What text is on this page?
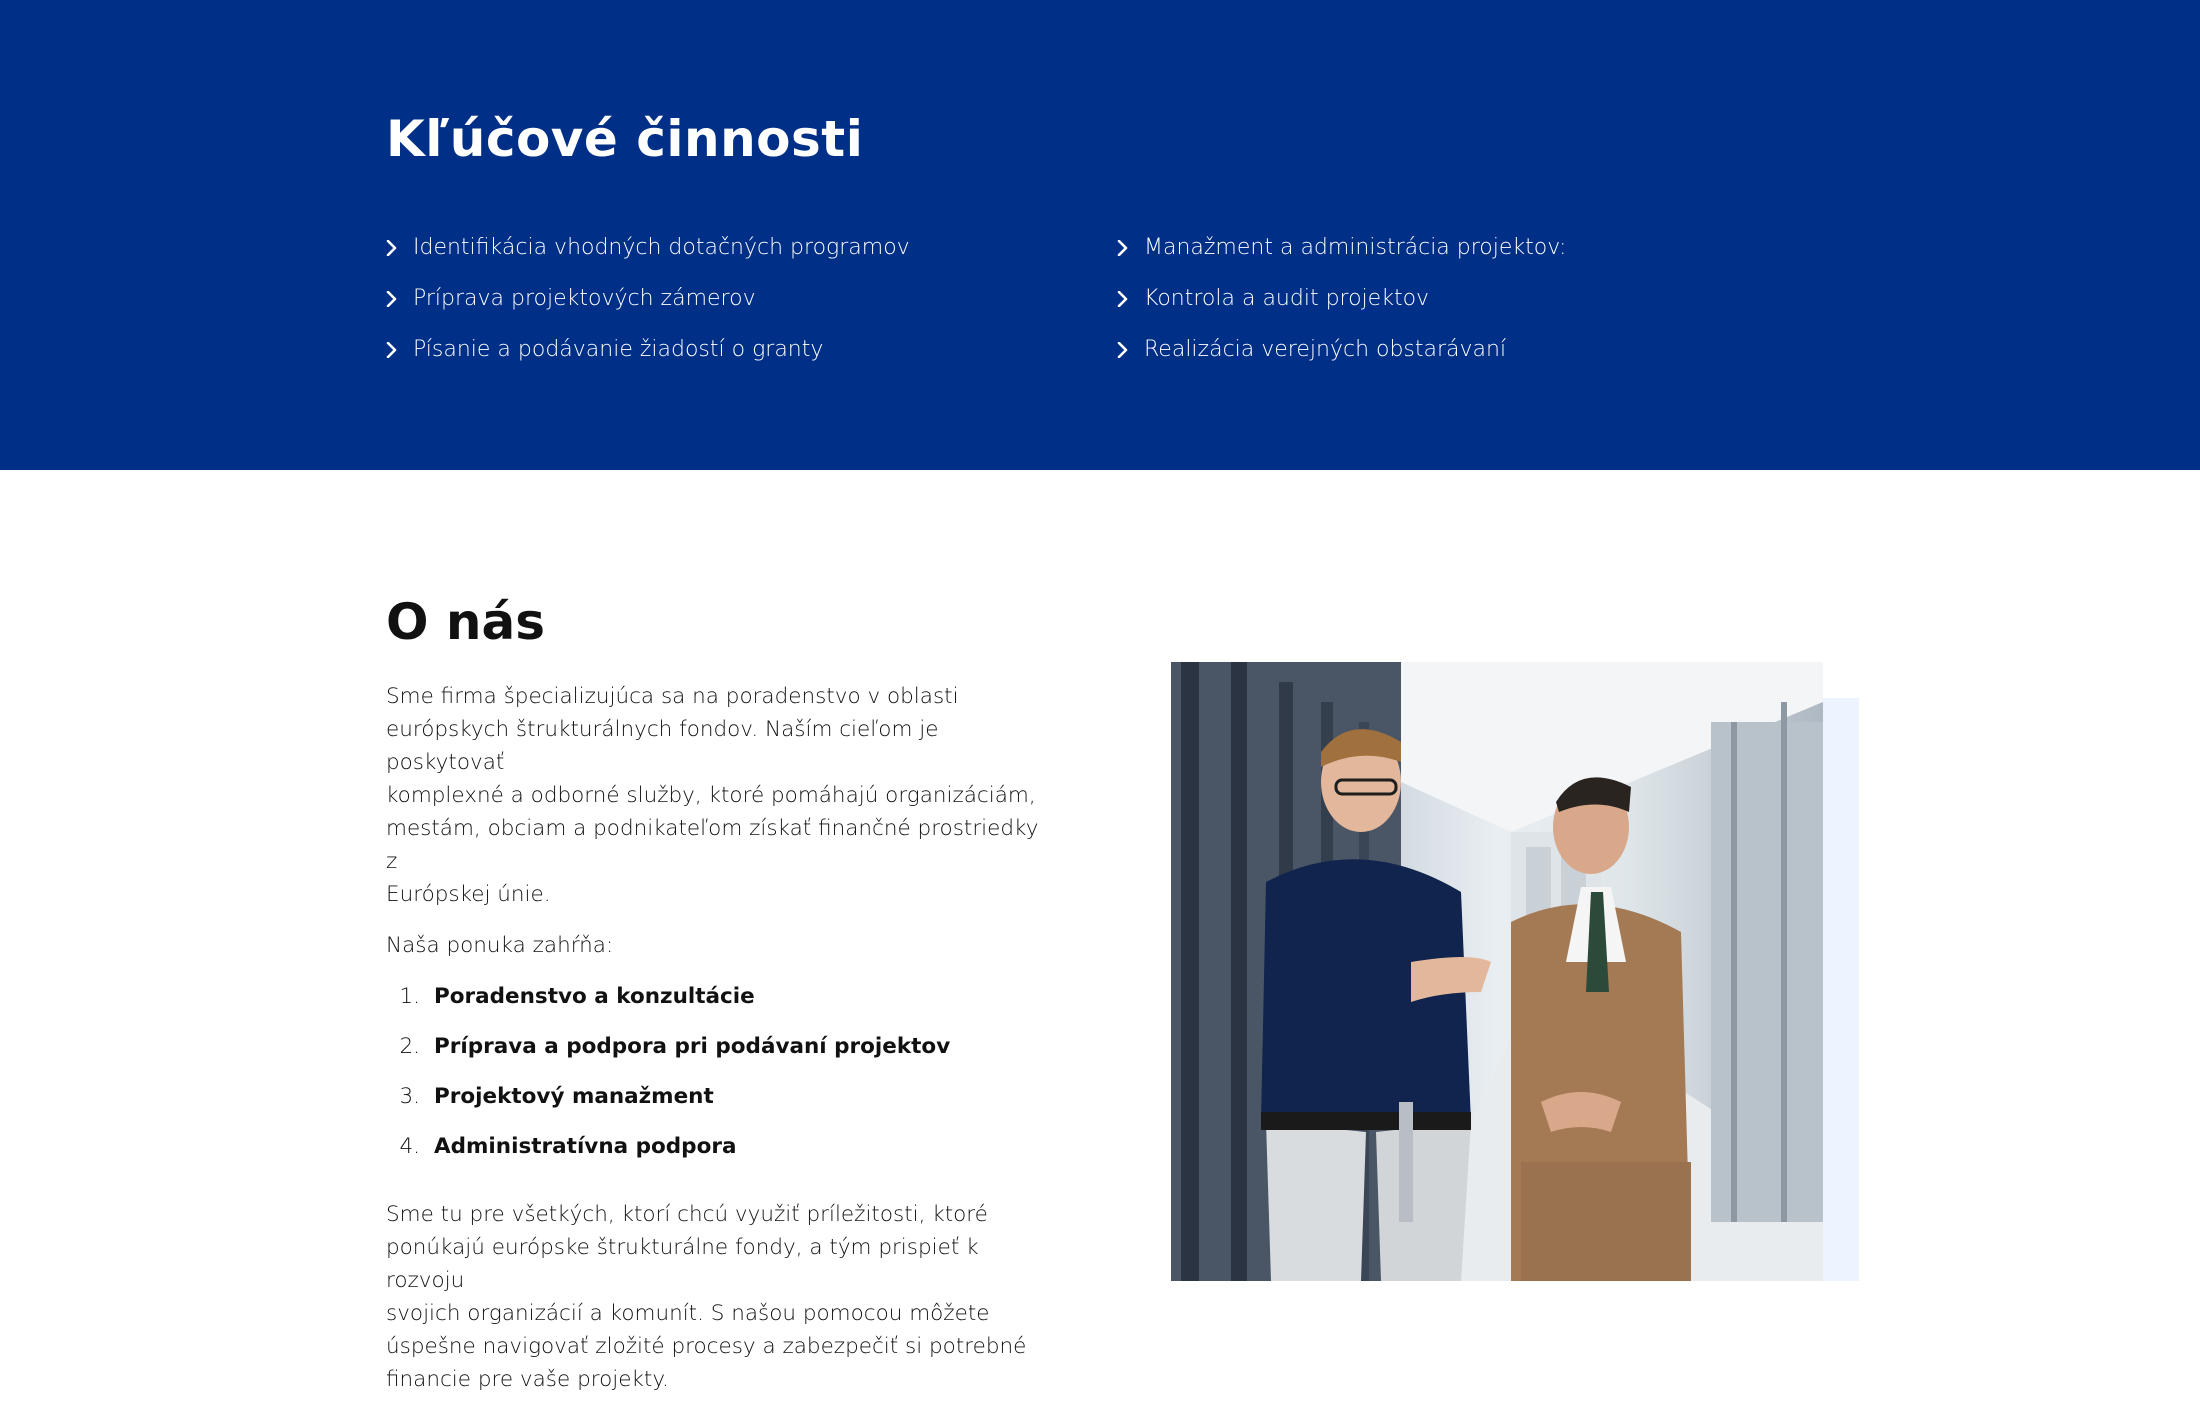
Kľúčové činnosti
Identifikácia vhodných dotačných programov
Príprava projektových zámerov
Písanie a podávanie žiadostí o granty
Manažment a administrácia projektov:
Kontrola a audit projektov
Realizácia verejných obstarávaní
O nás

Sme firma špecializujúca sa na poradenstvo v oblasti
európskych štrukturálnych fondov. Naším cieľom je poskytovať
komplexné a odborné služby, ktoré pomáhajú organizáciám,
mestám, obciam a podnikateľom získať finančné prostriedky z
Európskej únie.

Naša ponuka zahŕňa:

1. Poradenstvo a konzultácie
2. Príprava a podpora pri podávaní projektov
3. Projektový manažment
4. Administratívna podpora

Sme tu pre všetkých, ktorí chcú využiť príležitosti, ktoré
ponúkajú európske štrukturálne fondy, a tým prispieť k rozvoju
svojich organizácií a komunít. S našou pomocou môžete
úspešne navigovať zložité procesy a zabezpečiť si potrebné
financie pre vaše projekty.
